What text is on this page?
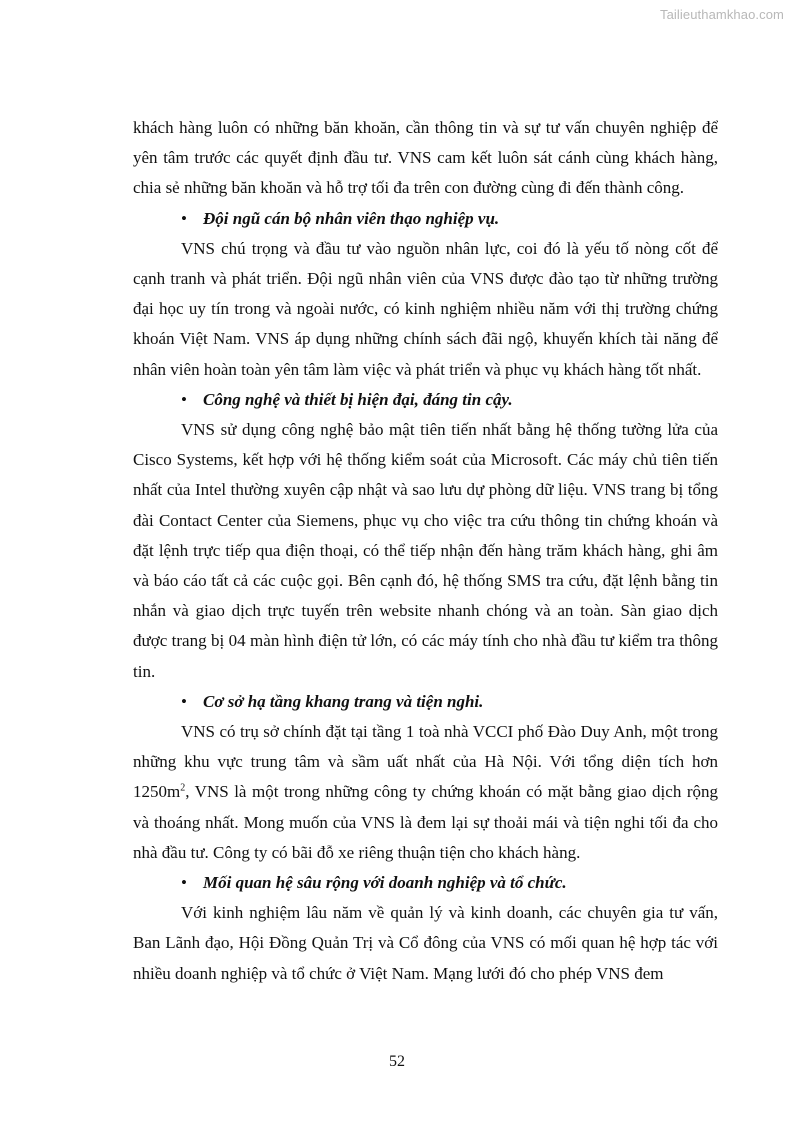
Tailieuthamkhao.com

khách hàng luôn có những băn khoăn, cần thông tin và sự tư vấn chuyên nghiệp để yên tâm trước các quyết định đầu tư. VNS cam kết luôn sát cánh cùng khách hàng, chia sẻ những băn khoăn và hỗ trợ tối đa trên con đường cùng đi đến thành công.

• Đội ngũ cán bộ nhân viên thạo nghiệp vụ.

VNS chú trọng và đầu tư vào nguồn nhân lực, coi đó là yếu tố nòng cốt để cạnh tranh và phát triển. Đội ngũ nhân viên của VNS được đào tạo từ những trường đại học uy tín trong và ngoài nước, có kinh nghiệm nhiều năm với thị trường chứng khoán Việt Nam. VNS áp dụng những chính sách đãi ngộ, khuyến khích tài năng để nhân viên hoàn toàn yên tâm làm việc và phát triển và phục vụ khách hàng tốt nhất.

• Công nghệ và thiết bị hiện đại, đáng tin cậy.

VNS sử dụng công nghệ bảo mật tiên tiến nhất bằng hệ thống tường lửa của Cisco Systems, kết hợp với hệ thống kiểm soát của Microsoft. Các máy chủ tiên tiến nhất của Intel thường xuyên cập nhật và sao lưu dự phòng dữ liệu. VNS trang bị tổng đài Contact Center của Siemens, phục vụ cho việc tra cứu thông tin chứng khoán và đặt lệnh trực tiếp qua điện thoại, có thể tiếp nhận đến hàng trăm khách hàng, ghi âm và báo cáo tất cả các cuộc gọi. Bên cạnh đó, hệ thống SMS tra cứu, đặt lệnh bằng tin nhắn và giao dịch trực tuyến trên website nhanh chóng và an toàn. Sàn giao dịch được trang bị 04 màn hình điện tử lớn, có các máy tính cho nhà đầu tư kiểm tra thông tin.

• Cơ sở hạ tầng khang trang và tiện nghi.

VNS có trụ sở chính đặt tại tầng 1 toà nhà VCCI phố Đào Duy Anh, một trong những khu vực trung tâm và sầm uất nhất của Hà Nội. Với tổng diện tích hơn $1250m^2$, VNS là một trong những công ty chứng khoán có mặt bằng giao dịch rộng và thoáng nhất. Mong muốn của VNS là đem lại sự thoải mái và tiện nghi tối đa cho nhà đầu tư. Công ty có bãi đỗ xe riêng thuận tiện cho khách hàng.

• Mối quan hệ sâu rộng với doanh nghiệp và tổ chức.

Với kinh nghiệm lâu năm về quản lý và kinh doanh, các chuyên gia tư vấn, Ban Lãnh đạo, Hội Đồng Quản Trị và Cổ đông của VNS có mối quan hệ hợp tác với nhiều doanh nghiệp và tổ chức ở Việt Nam. Mạng lưới đó cho phép VNS đem

52
